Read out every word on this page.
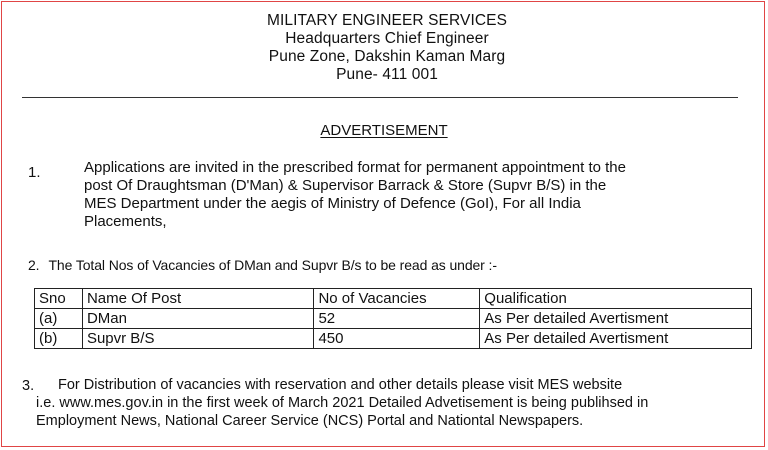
MILITARY ENGINEER SERVICES
Headquarters Chief Engineer
Pune Zone, Dakshin Kaman Marg
Pune- 411 001
ADVERTISEMENT
1.	Applications are invited in the prescribed format for permanent appointment to the
post Of Draughtsman (D'Man) & Supervisor Barrack & Store (Supvr B/S) in the
MES Department under the aegis of Ministry of Defence (GoI), For all India
Placements,
2. The Total Nos of Vacancies of DMan and Supvr B/s to be read as under :-
Sno	Name Of Post	No of Vacancies	Qualification
(a)	DMan	52	As Per detailed Avertisment
(b)	Supvr B/S	450	As Per detailed Avertisment
3.	For Distribution of vacancies with reservation and other details please visit MES website
i.e. www.mes.gov.in in the first week of March 2021 Detailed Advetisement is being publihsed in
Employment News, National Career Service (NCS) Portal and Nationtal Newspapers.
